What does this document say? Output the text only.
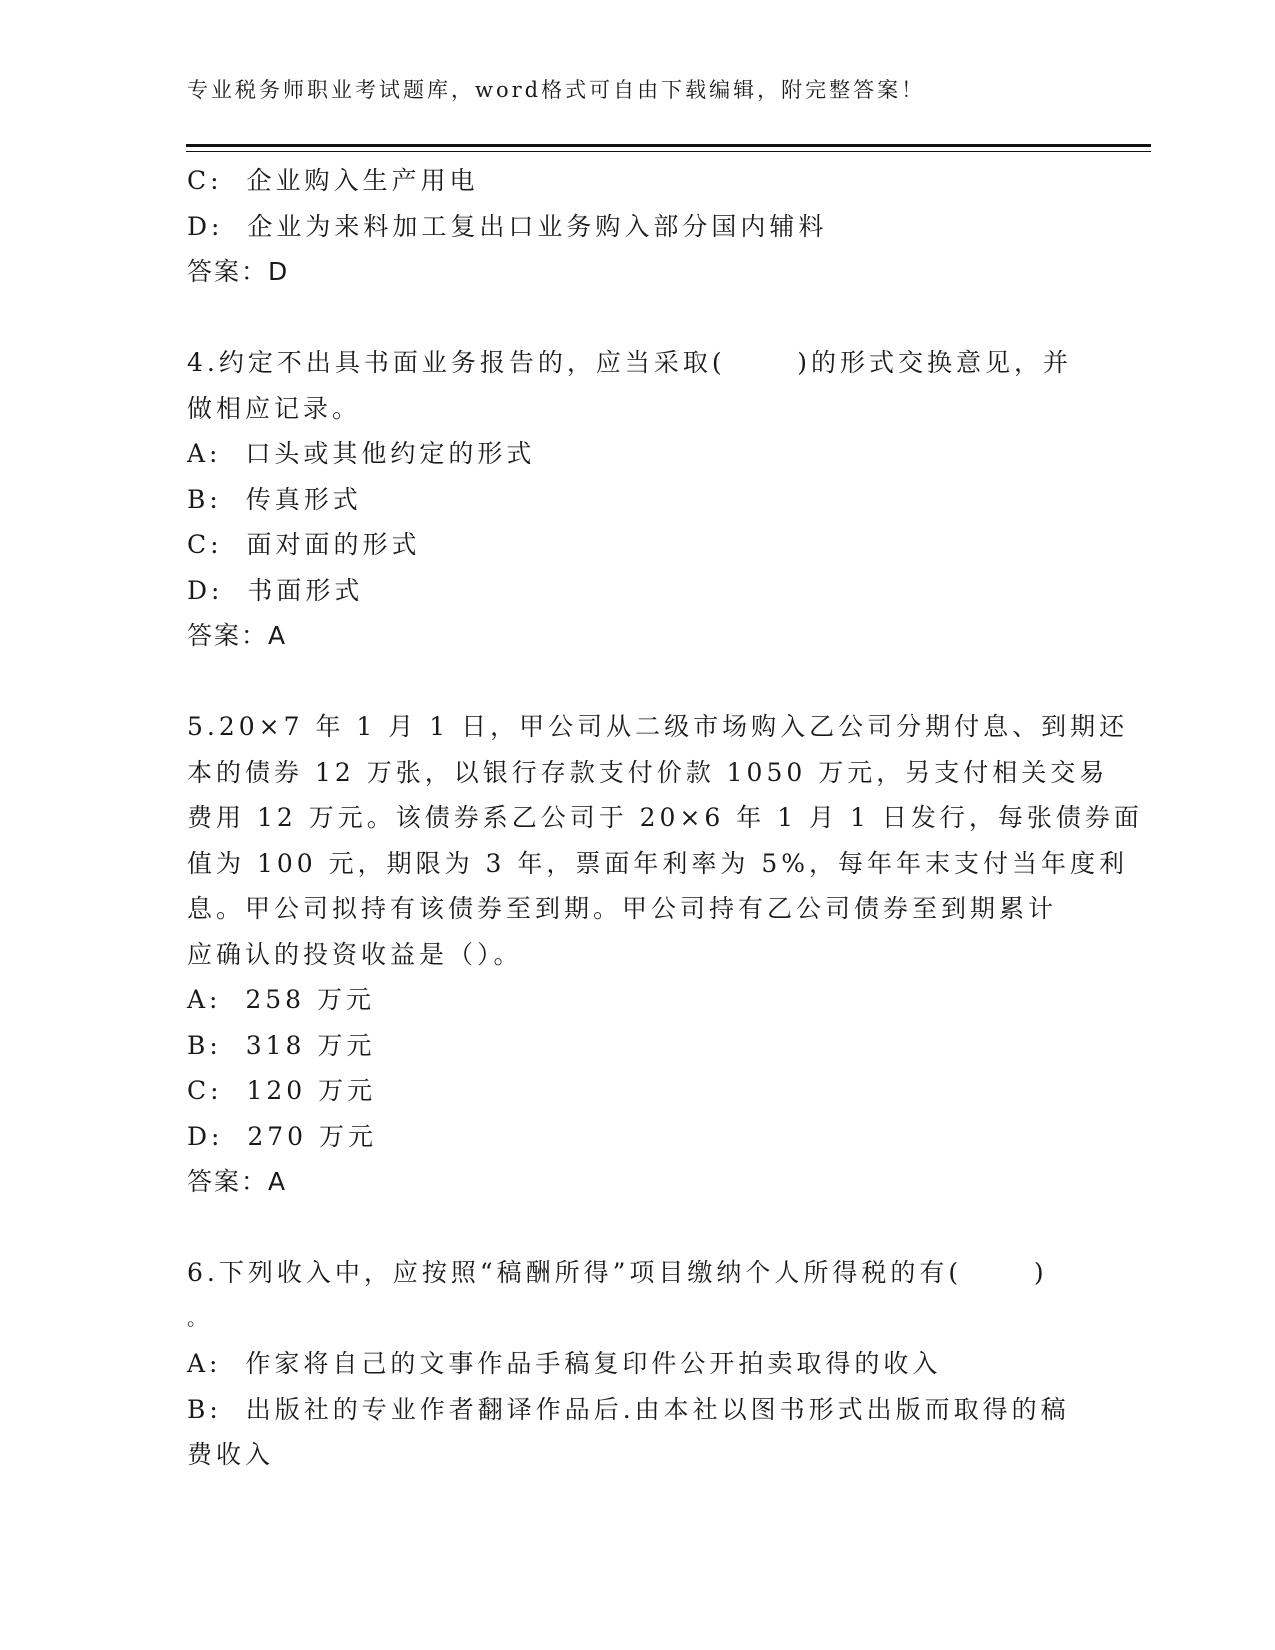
专业税务师职业考试题库，word格式可自由下载编辑，附完整答案！
C:  企业购入生产用电
D:  企业为来料加工复出口业务购入部分国内辅料
答案：D
4.约定不出具书面业务报告的，应当采取(      )的形式交换意见，并
做相应记录。
A:  口头或其他约定的形式
B:  传真形式
C:  面对面的形式
D:  书面形式
答案：A
5.20×7 年 1 月 1 日，甲公司从二级市场购入乙公司分期付息、到期还
本的债券 12 万张，以银行存款支付价款 1050 万元，另支付相关交易
费用 12 万元。该债券系乙公司于 20×6 年 1 月 1 日发行，每张债券面
值为 100 元，期限为 3 年，票面年利率为 5%，每年年末支付当年度利
息。甲公司拟持有该债券至到期。甲公司持有乙公司债券至到期累计
应确认的投资收益是（）。
A:  258 万元
B:  318 万元
C:  120 万元
D:  270 万元
答案：A
6.下列收入中，应按照“稿酬所得”项目缴纳个人所得税的有(      )
。
A:  作家将自己的文事作品手稿复印件公开拍卖取得的收入
B:  出版社的专业作者翻译作品后.由本社以图书形式出版而取得的稿
费收入
